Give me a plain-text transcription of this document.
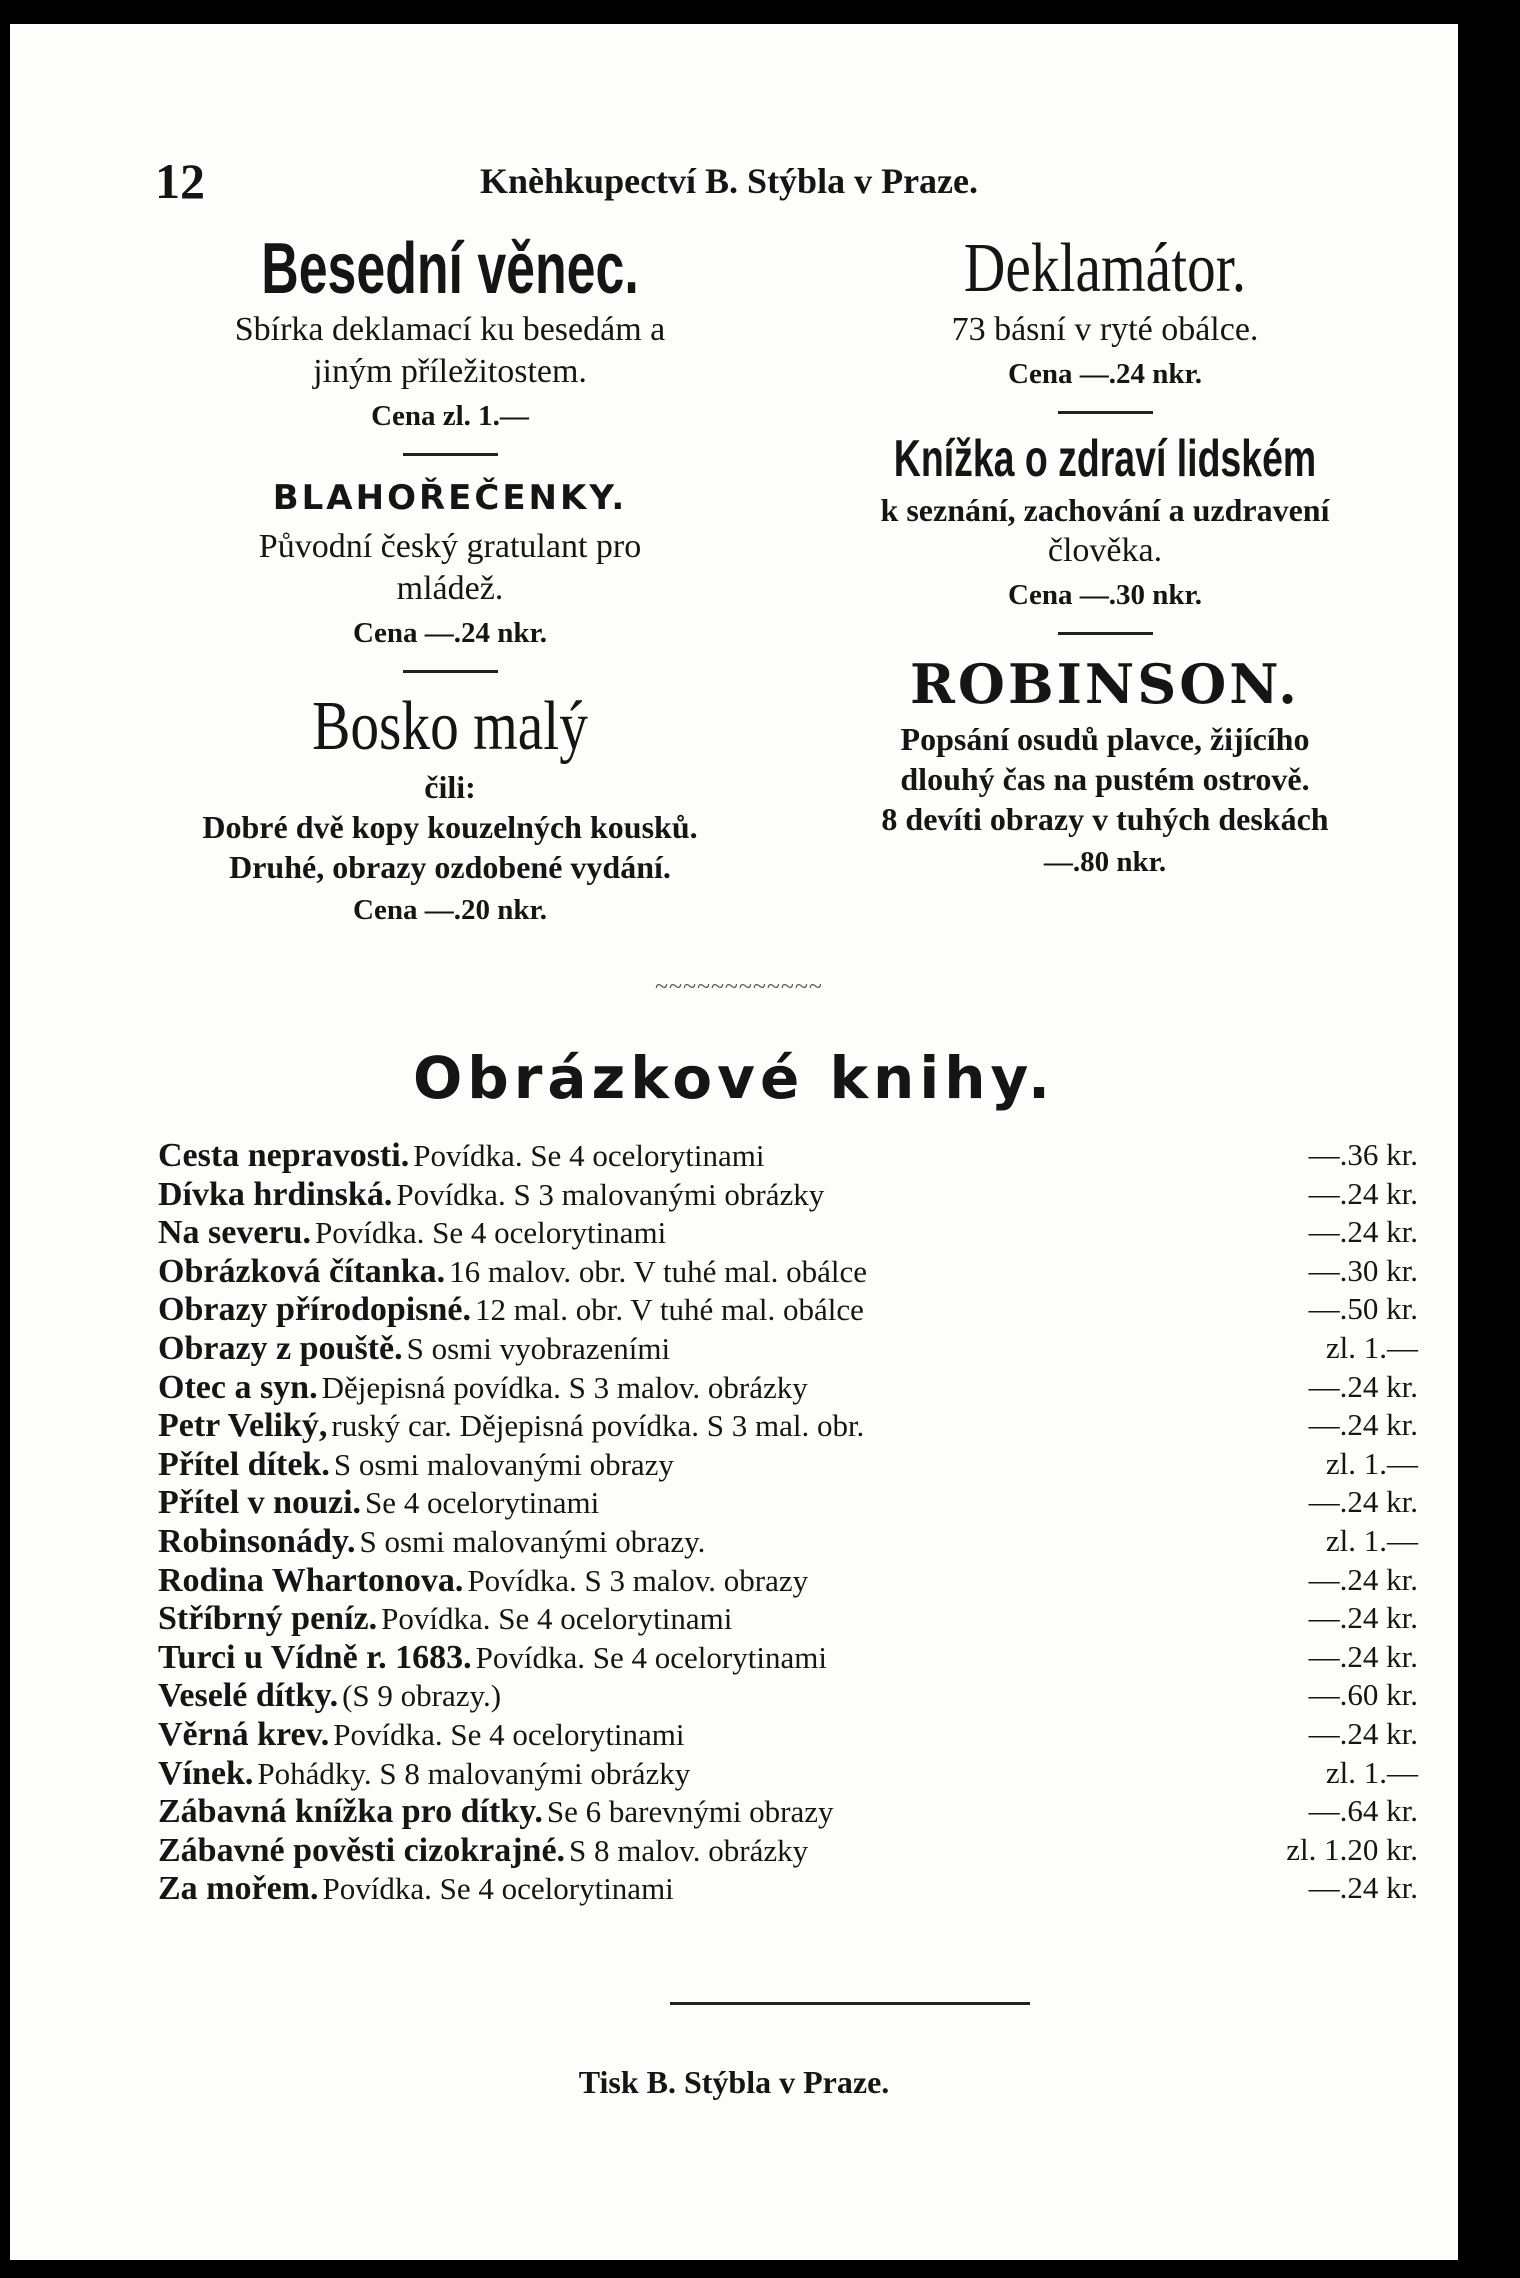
12	Knèhkupectví B. Stýbla v Praze.
Besední věnec.
Sbírka deklamací ku besedám a
jiným příležitostem.
Cena zl. 1.—
BLAHOŘEČENKY.
Původní český gratulant pro
mládež.
Cena —.24 nkr.
Bosko malý
čili:
Dobré dvě kopy kouzelných kousků.
Druhé, obrazy ozdobené vydání.
Cena —.20 nkr.
Deklamátor.
73 básní v ryté obálce.
Cena —.24 nkr.
Knížka o zdraví lidském
k seznání, zachování a uzdravení
člověka.
Cena —.30 nkr.
ROBINSON.
Popsání osudů plavce, žijícího
dlouhý čas na pustém ostrově.
8 devíti obrazy v tuhých deskách
—.80 nkr.
~~~~~~~~~~~~
Obrázkové knihy.
Cesta nepravosti. Povídka. Se 4 ocelorytinami	—.36 kr.
Dívka hrdinská. Povídka. S 3 malovanými obrázky	—.24 kr.
Na severu. Povídka. Se 4 ocelorytinami	—.24 kr.
Obrázková čítanka. 16 malov. obr. V tuhé mal. obálce	—.30 kr.
Obrazy přírodopisné. 12 mal. obr. V tuhé mal. obálce	—.50 kr.
Obrazy z pouště. S osmi vyobrazeními	zl. 1.—
Otec a syn. Dějepisná povídka. S 3 malov. obrázky	—.24 kr.
Petr Veliký, ruský car. Dějepisná povídka. S 3 mal. obr.	—.24 kr.
Přítel dítek. S osmi malovanými obrazy	zl. 1.—
Přítel v nouzi. Se 4 ocelorytinami	—.24 kr.
Robinsonády. S osmi malovanými obrazy.	zl. 1.—
Rodina Whartonova. Povídka. S 3 malov. obrazy	—.24 kr.
Stříbrný peníz. Povídka. Se 4 ocelorytinami	—.24 kr.
Turci u Vídně r. 1683. Povídka. Se 4 ocelorytinami	—.24 kr.
Veselé dítky. (S 9 obrazy.)	—.60 kr.
Věrná krev. Povídka. Se 4 ocelorytinami	—.24 kr.
Vínek. Pohádky. S 8 malovanými obrázky	zl. 1.—
Zábavná knížka pro dítky. Se 6 barevnými obrazy	—.64 kr.
Zábavné pověsti cizokrajné. S 8 malov. obrázky	zl. 1.20 kr.
Za mořem. Povídka. Se 4 ocelorytinami	—.24 kr.
Tisk B. Stýbla v Praze.
